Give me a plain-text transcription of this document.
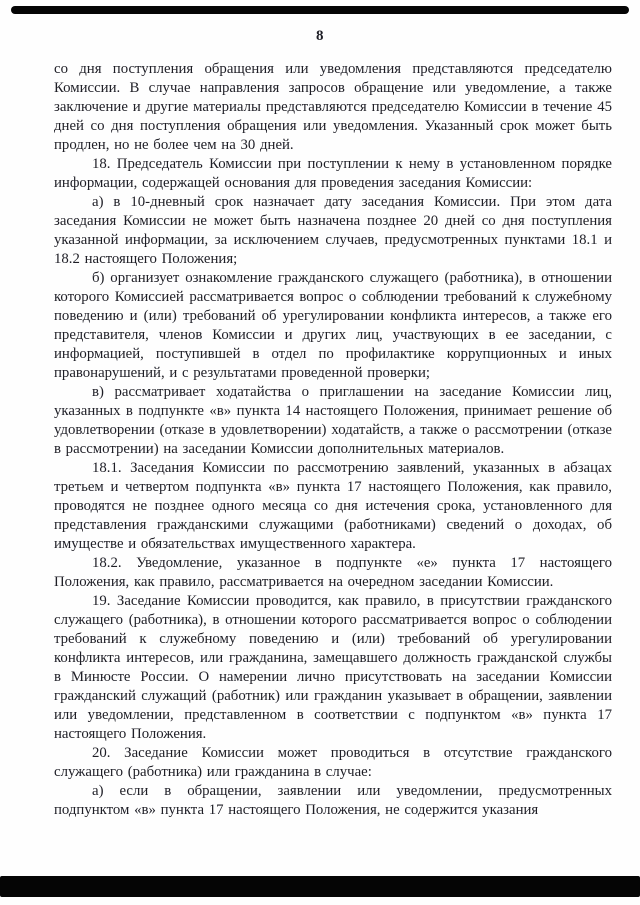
8

со дня поступления обращения или уведомления представляются председателю Комиссии. В случае направления запросов обращение или уведомление, а также заключение и другие материалы представляются председателю Комиссии в течение 45 дней со дня поступления обращения или уведомления. Указанный срок может быть продлен, но не более чем на 30 дней.

18. Председатель Комиссии при поступлении к нему в установленном порядке информации, содержащей основания для проведения заседания Комиссии:

а) в 10-дневный срок назначает дату заседания Комиссии. При этом дата заседания Комиссии не может быть назначена позднее 20 дней со дня поступления указанной информации, за исключением случаев, предусмотренных пунктами 18.1 и 18.2 настоящего Положения;

б) организует ознакомление гражданского служащего (работника), в отношении которого Комиссией рассматривается вопрос о соблюдении требований к служебному поведению и (или) требований об урегулировании конфликта интересов, а также его представителя, членов Комиссии и других лиц, участвующих в ее заседании, с информацией, поступившей в отдел по профилактике коррупционных и иных правонарушений, и с результатами проведенной проверки;

в) рассматривает ходатайства о приглашении на заседание Комиссии лиц, указанных в подпункте «в» пункта 14 настоящего Положения, принимает решение об удовлетворении (отказе в удовлетворении) ходатайств, а также о рассмотрении (отказе в рассмотрении) на заседании Комиссии дополнительных материалов.

18.1. Заседания Комиссии по рассмотрению заявлений, указанных в абзацах третьем и четвертом подпункта «в» пункта 17 настоящего Положения, как правило, проводятся не позднее одного месяца со дня истечения срока, установленного для представления гражданскими служащими (работниками) сведений о доходах, об имуществе и обязательствах имущественного характера.

18.2. Уведомление, указанное в подпункте «е» пункта 17 настоящего Положения, как правило, рассматривается на очередном заседании Комиссии.

19. Заседание Комиссии проводится, как правило, в присутствии гражданского служащего (работника), в отношении которого рассматривается вопрос о соблюдении требований к служебному поведению и (или) требований об урегулировании конфликта интересов, или гражданина, замещавшего должность гражданской службы в Минюсте России. О намерении лично присутствовать на заседании Комиссии гражданский служащий (работник) или гражданин указывает в обращении, заявлении или уведомлении, представленном в соответствии с подпунктом «в» пункта 17 настоящего Положения.

20. Заседание Комиссии может проводиться в отсутствие гражданского служащего (работника) или гражданина в случае:

а) если в обращении, заявлении или уведомлении, предусмотренных подпунктом «в» пункта 17 настоящего Положения, не содержится указания
